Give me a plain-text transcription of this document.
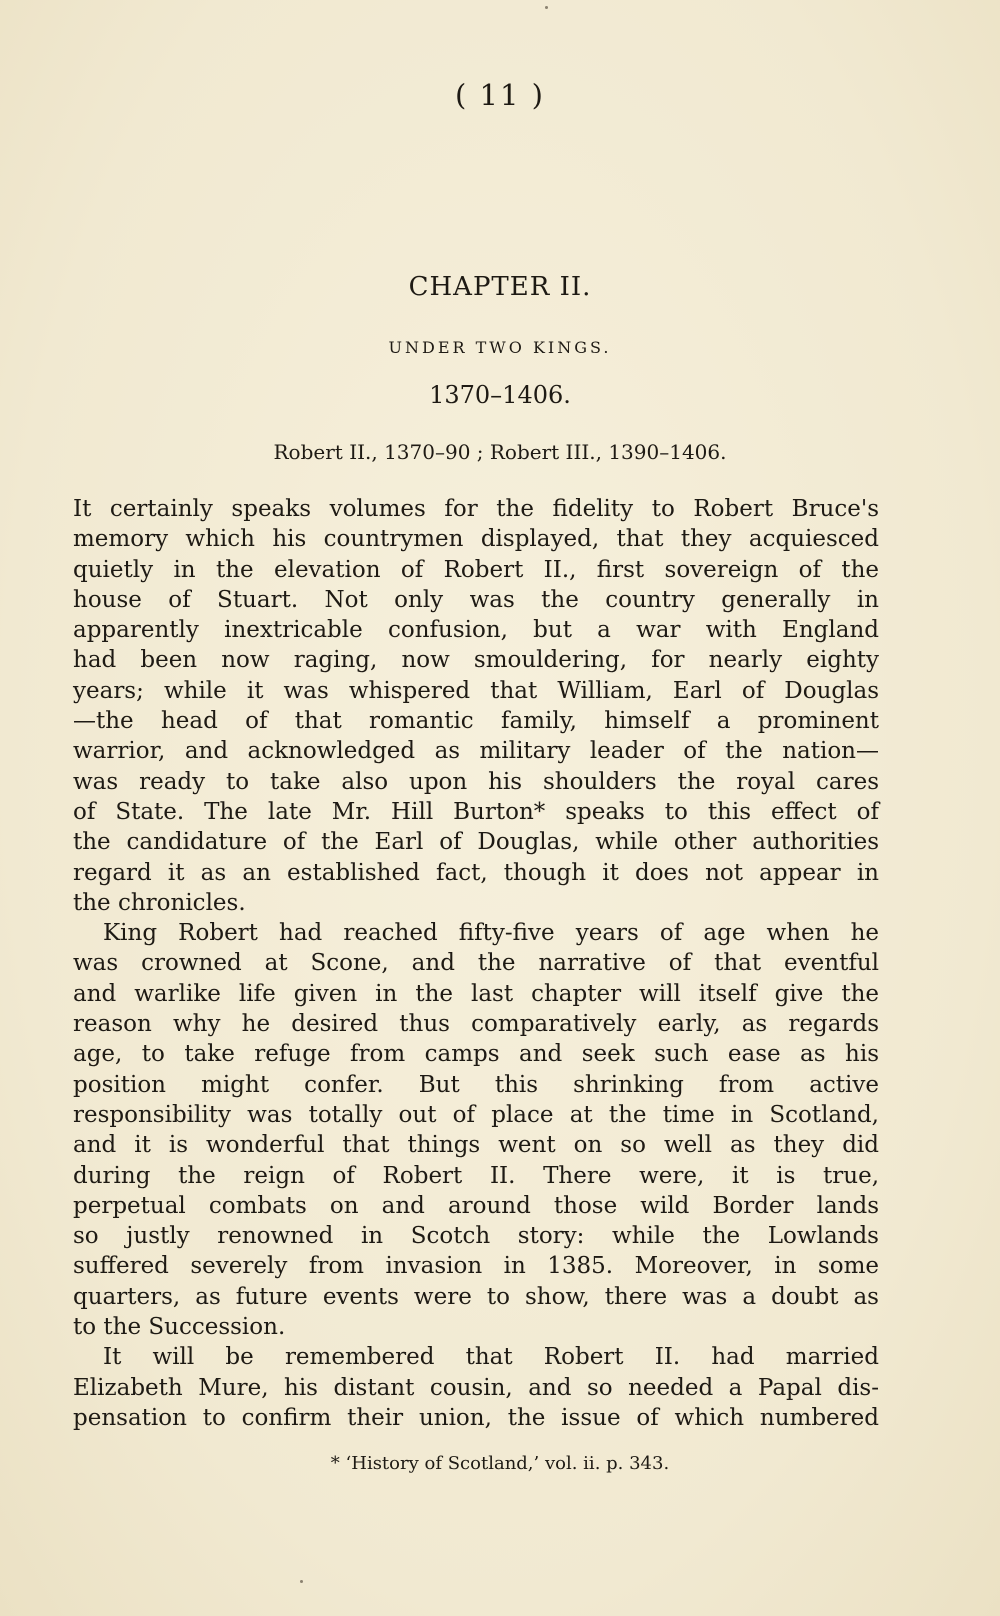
( 11 )
CHAPTER II.
UNDER TWO KINGS.
1370–1406.
Robert II., 1370–90 ; Robert III., 1390–1406.
It certainly speaks volumes for the fidelity to Robert Bruce's
memory which his countrymen displayed, that they acquiesced
quietly in the elevation of Robert II., first sovereign of the
house of Stuart. Not only was the country generally in
apparently inextricable confusion, but a war with England
had been now raging, now smouldering, for nearly eighty
years; while it was whispered that William, Earl of Douglas
—the head of that romantic family, himself a prominent
warrior, and acknowledged as military leader of the nation—
was ready to take also upon his shoulders the royal cares
of State. The late Mr. Hill Burton* speaks to this effect of
the candidature of the Earl of Douglas, while other authorities
regard it as an established fact, though it does not appear in
the chronicles.
King Robert had reached fifty-five years of age when he
was crowned at Scone, and the narrative of that eventful
and warlike life given in the last chapter will itself give the
reason why he desired thus comparatively early, as regards
age, to take refuge from camps and seek such ease as his
position might confer. But this shrinking from active
responsibility was totally out of place at the time in Scotland,
and it is wonderful that things went on so well as they did
during the reign of Robert II. There were, it is true,
perpetual combats on and around those wild Border lands
so justly renowned in Scotch story: while the Lowlands
suffered severely from invasion in 1385. Moreover, in some
quarters, as future events were to show, there was a doubt as
to the Succession.
It will be remembered that Robert II. had married
Elizabeth Mure, his distant cousin, and so needed a Papal dis-
pensation to confirm their union, the issue of which numbered
* ‘History of Scotland,’ vol. ii. p. 343.
